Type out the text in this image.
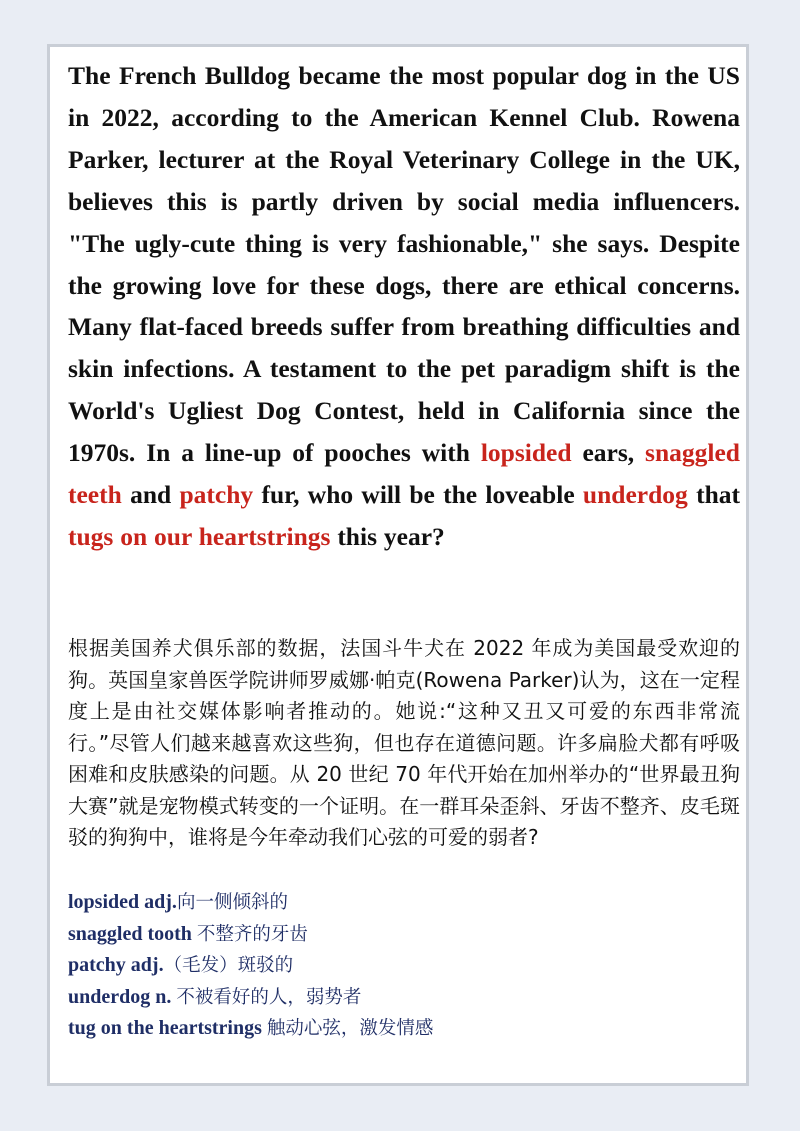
The French Bulldog became the most popular dog in the US in 2022, according to the American Kennel Club. Rowena Parker, lecturer at the Royal Veterinary College in the UK, believes this is partly driven by social media influencers. "The ugly-cute thing is very fashionable," she says. Despite the growing love for these dogs, there are ethical concerns. Many flat-faced breeds suffer from breathing difficulties and skin infections. A testament to the pet paradigm shift is the World's Ugliest Dog Contest, held in California since the 1970s. In a line-up of pooches with lopsided ears, snaggled teeth and patchy fur, who will be the loveable underdog that tugs on our heartstrings this year?

根据美国养犬俱乐部的数据，法国斗牛犬在 2022 年成为美国最受欢迎的狗。英国皇家兽医学院讲师罗威娜·帕克(Rowena Parker)认为，这在一定程度上是由社交媒体影响者推动的。她说:“这种又丑又可爱的东西非常流行。”尽管人们越来越喜欢这些狗，但也存在道德问题。许多扁脸犬都有呼吸困难和皮肤感染的问题。从 20 世纪 70 年代开始在加州举办的“世界最丑狗大赛”就是宠物模式转变的一个证明。在一群耳朵歪斜、牙齿不整齐、皮毛斑驳的狗狗中，谁将是今年牵动我们心弦的可爱的弱者?

lopsided adj.向一侧倾斜的
snaggled tooth 不整齐的牙齿
patchy adj.（毛发）斑驳的
underdog n. 不被看好的人，弱势者
tug on the heartstrings 触动心弦，激发情感
